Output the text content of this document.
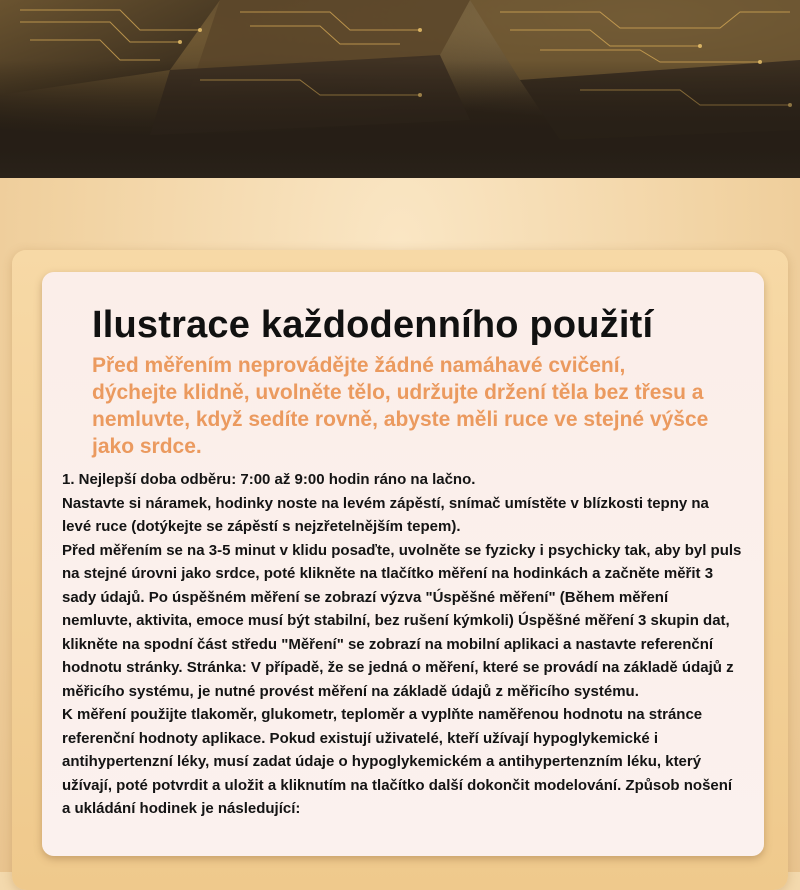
Ilustrace každodenního použití

Před měřením neprovádějte žádné namáhavé cvičení, dýchejte klidně, uvolněte tělo, udržujte držení těla bez třesu a nemluvte, když sedíte rovně, abyste měli ruce ve stejné výšce jako srdce.

1. Nejlepší doba odběru: 7:00 až 9:00 hodin ráno na lačno.

Nastavte si náramek, hodinky noste na levém zápěstí, snímač umístěte v blízkosti tepny na levé ruce (dotýkejte se zápěstí s nejzřetelnějším tepem).

Před měřením se na 3-5 minut v klidu posaďte, uvolněte se fyzicky i psychicky tak, aby byl puls na stejné úrovni jako srdce, poté klikněte na tlačítko měření na hodinkách a začněte měřit 3 sady údajů. Po úspěšném měření se zobrazí výzva "Úspěšné měření" (Během měření nemluvte, aktivita, emoce musí být stabilní, bez rušení kýmkoli) Úspěšné měření 3 skupin dat, klikněte na spodní část středu "Měření" se zobrazí na mobilní aplikaci a nastavte referenční hodnotu stránky. Stránka: V případě, že se jedná o měření, které se provádí na základě údajů z měřicího systému, je nutné provést měření na základě údajů z měřicího systému.

K měření použijte tlakoměr, glukometr, teploměr a vyplňte naměřenou hodnotu na stránce referenční hodnoty aplikace. Pokud existují uživatelé, kteří užívají hypoglykemické i antihypertenzní léky, musí zadat údaje o hypoglykemickém a antihypertenzním léku, který užívají, poté potvrdit a uložit a kliknutím na tlačítko další dokončit modelování. Způsob nošení a ukládání hodinek je následující:
